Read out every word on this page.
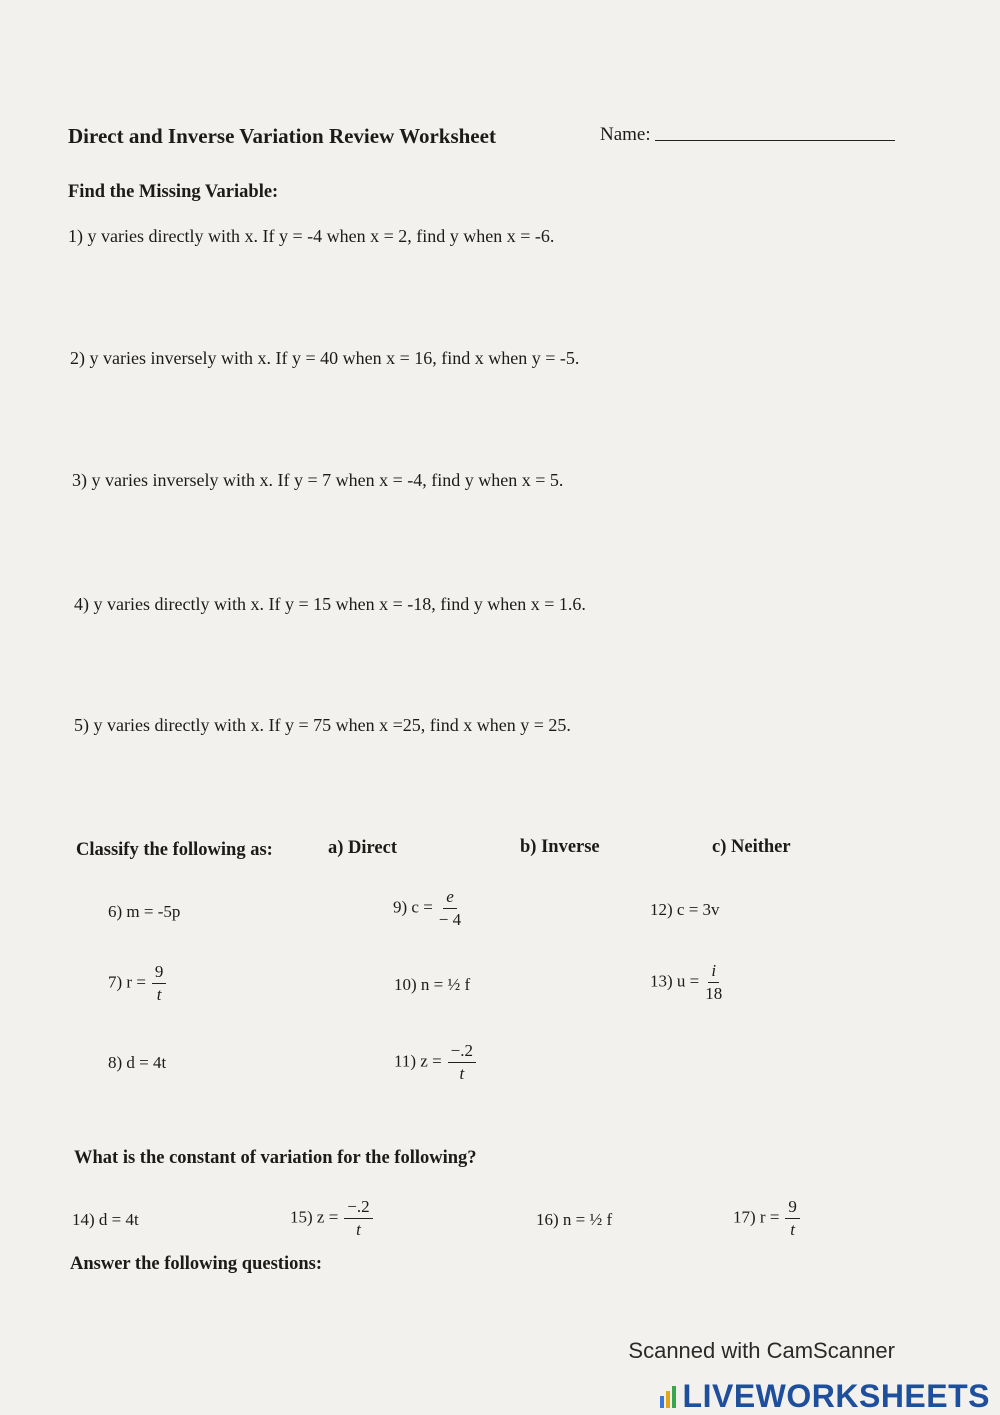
Direct and Inverse Variation Review Worksheet	Name:
Find the Missing Variable:
1) y varies directly with x. If y = -4 when x = 2, find y when x = -6.
2) y varies inversely with x. If y = 40 when x = 16, find x when y = -5.
3) y varies inversely with x. If y = 7 when x = -4, find y when x = 5.
4) y varies directly with x. If y = 15 when x = -18, find y when x = 1.6.
5) y varies directly with x. If y = 75 when x =25, find x when y = 25.
Classify the following as:	a) Direct	b) Inverse	c) Neither
6) m = -5p
7) $r = \frac{9}{t}$
8) d = 4t
9) $c = \frac{e}{- 4}$
10) n = ½ f
11) $z = \frac{-.2}{t}$
12) c = 3v
13) $u = \frac{i}{18}$
What is the constant of variation for the following?
14) d = 4t	15) $z = \frac{-.2}{t}$	16) n = ½ f	17) $r = \frac{9}{t}$
Answer the following questions:
Scanned with CamScanner
LIVEWORKSHEETS
